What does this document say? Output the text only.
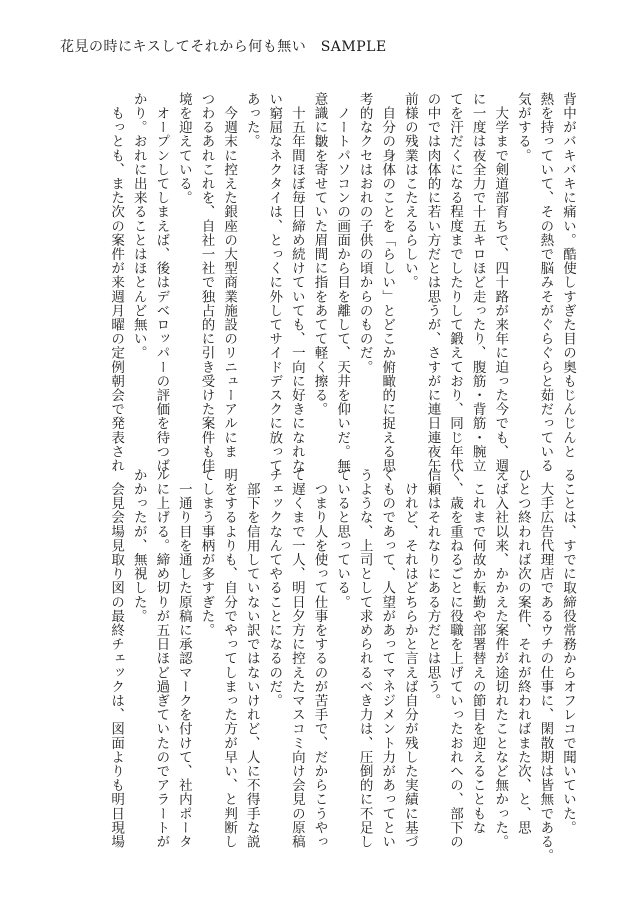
花見の時にキスしてそれから何も無い　SAMPLE
背中がバキバキに痛い。酷使しすぎた目の奥もじんじんと
熱を持っていて、その熱で脳みそがぐらぐらと茹だっている
気がする。
　大学まで剣道部育ちで、四十路が来年に迫った今でも、週
に一度は夜全力で十五キロほど走ったり、腹筋・背筋・腕立
てを汗だくになる程度までしたりして鍛えており、同じ年代
の中では肉体的に若い方だとは思うが、さすがに連日連夜午
前様の残業はこたえるらしい。
　自分の身体のことを「らしい」とどこか俯瞰的に捉える思
考的なクセはおれの子供の頃からのものだ。
　ノートパソコンの画面から目を離して、天井を仰いだ。無
意識に皺を寄せていた眉間に指をあてて軽く擦る。
　十五年間ほぼ毎日締め続けていても、一向に好きになれな
い窮屈なネクタイは、とっくに外してサイドデスクに放って
あった。
　今週末に控えた銀座の大型商業施設のリニューアルにま
つわるあれこれを、自社一社で独占的に引き受けた案件も佳
境を迎えている。
　オープンしてしまえば、後はデベロッパーの評価を待つば
かり。おれに出来ることはほとんど無い。
　もっとも、また次の案件が来週月曜の定例朝会で発表され
ることは、すでに取締役常務からオフレコで聞いていた。
　大手広告代理店であるウチの仕事に、閑散期は皆無である。
ひとつ終われば次の案件、それが終わればまた次、と、思
えば入社以来、かかえた案件が途切れたことなど無かった。
　これまで何故か転勤や部署替えの節目を迎えることもな
く、歳を重ねるごとに役職を上げていったおれへの、部下の
信頼はそれなりにある方だとは思う。
　けれど、それはどちらかと言えば自分が残した実績に基づ
くものであって、人望があってマネジメント力があってとい
うような、上司として求められるべき力は、圧倒的に不足し
ていると思っている。
　つまり人を使って仕事をするのが苦手で、だからこうやっ
て遅くまで一人、明日夕方に控えたマスコミ向け会見の原稿
チェックなんてやることになるのだ。
　部下を信用していない訳ではないけれど、人に不得手な説
明をするよりも、自分でやってしまった方が早い、と判断し
てしまう事柄が多すぎた。
　一通り目を通した原稿に承認マークを付けて、社内ポータ
ルに上げる。締め切りが五日ほど過ぎていたのでアラートが
かかったが、無視した。
　会見会場見取り図の最終チェックは、図面よりも明日現場
